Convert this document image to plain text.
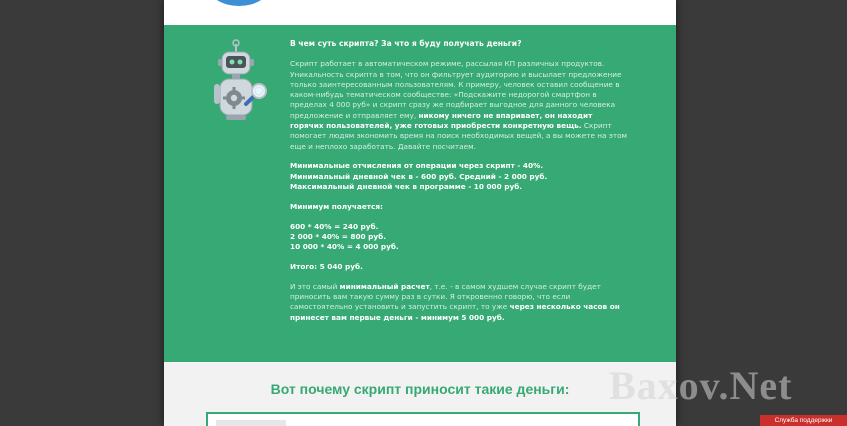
В чем суть скрипта? За что я буду получать деньги?

Скрипт работает в автоматическом режиме, рассылая КП различных продуктов. Уникальность скрипта в том, что он фильтрует аудиторию и высылает предложение только заинтересованным пользователям. К примеру, человек оставил сообщение в каком-нибудь тематическом сообществе: «Подскажите недорогой смартфон в пределах 4 000 руб» и скрипт сразу же подбирает выгодное для данного человека предложение и отправляет ему, никому ничего не впаривает, он находит горячих пользователей, уже готовых приобрести конкретную вещь. Скрипт помогает людям экономить время на поиск необходимых вещей, а вы можете на этом еще и неплохо заработать. Давайте посчитаем.

Минимальные отчисления от операции через скрипт - 40%.
Минимальный дневной чек в - 600 руб. Средний - 2 000 руб.
Максимальный дневной чек в программе - 10 000 руб.

Минимум получается:

600 * 40% = 240 руб.
2 000 * 40% = 800 руб.
10 000 * 40% = 4 000 руб.

Итого: 5 040 руб.

И это самый минимальный расчет, т.е. - в самом худшем случае скрипт будет приносить вам такую сумму раз в сутки. Я откровенно говорю, что если самостоятельно установить и запустить скрипт, то уже через несколько часов он принесет вам первые деньги - минимум 5 000 руб.

Вот почему скрипт приносит такие деньги: Baxov.Net
Служба поддержки
